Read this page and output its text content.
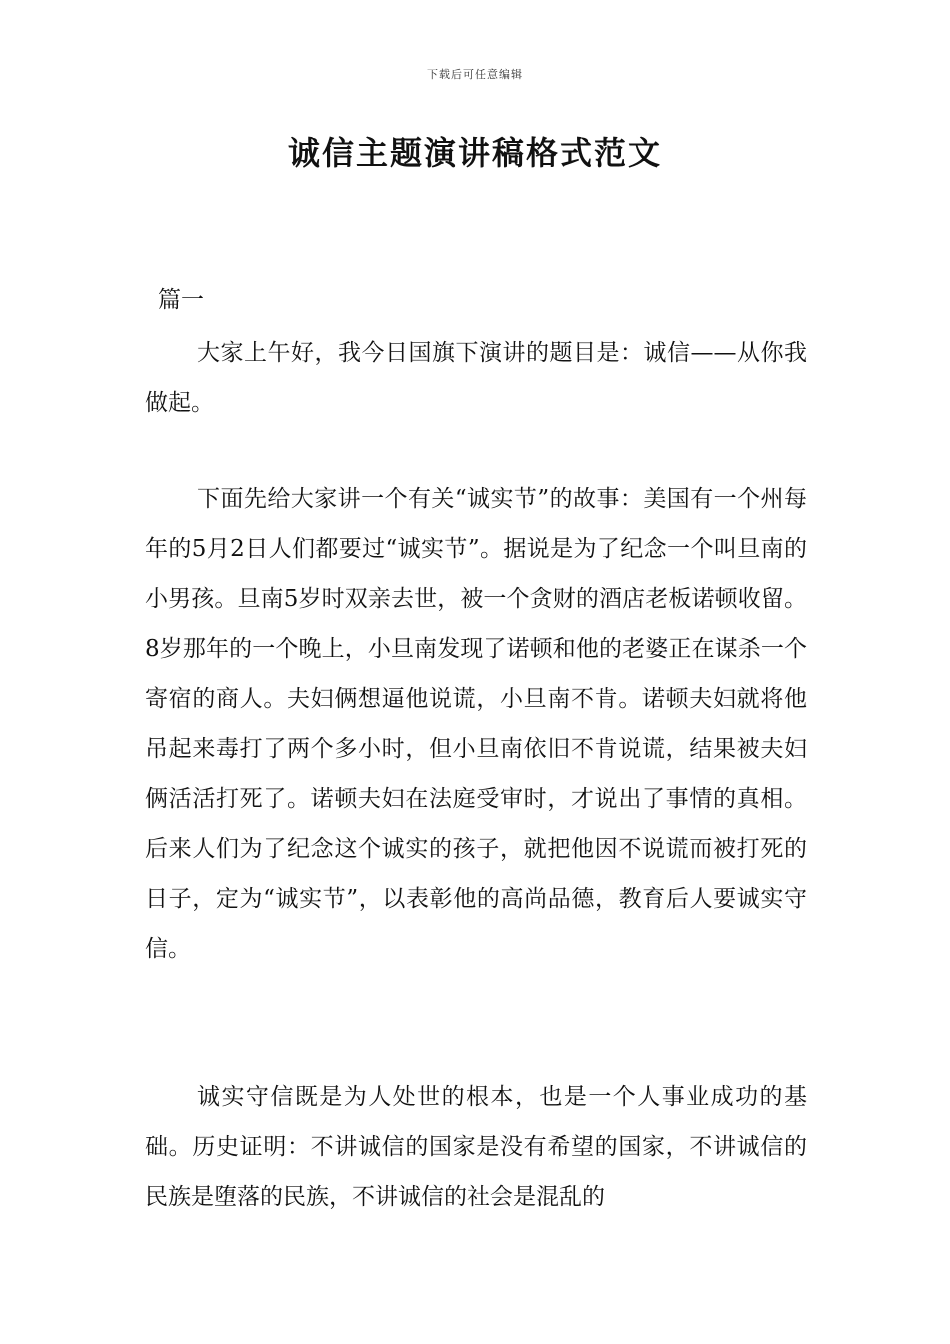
下载后可任意编辑
诚信主题演讲稿格式范文
篇一

大家上午好，我今日国旗下演讲的题目是：诚信——从你我做起。

下面先给大家讲一个有关“诚实节”的故事：美国有一个州每年的5月2日人们都要过“诚实节”。据说是为了纪念一个叫旦南的小男孩。旦南5岁时双亲去世，被一个贪财的酒店老板诺顿收留。8岁那年的一个晚上，小旦南发现了诺顿和他的老婆正在谋杀一个寄宿的商人。夫妇俩想逼他说谎，小旦南不肯。诺顿夫妇就将他吊起来毒打了两个多小时，但小旦南依旧不肯说谎，结果被夫妇俩活活打死了。诺顿夫妇在法庭受审时，才说出了事情的真相。后来人们为了纪念这个诚实的孩子，就把他因不说谎而被打死的日子，定为“诚实节”，以表彰他的高尚品德，教育后人要诚实守信。

诚实守信既是为人处世的根本，也是一个人事业成功的基础。历史证明：不讲诚信的国家是没有希望的国家，不讲诚信的民族是堕落的民族，不讲诚信的社会是混乱的
